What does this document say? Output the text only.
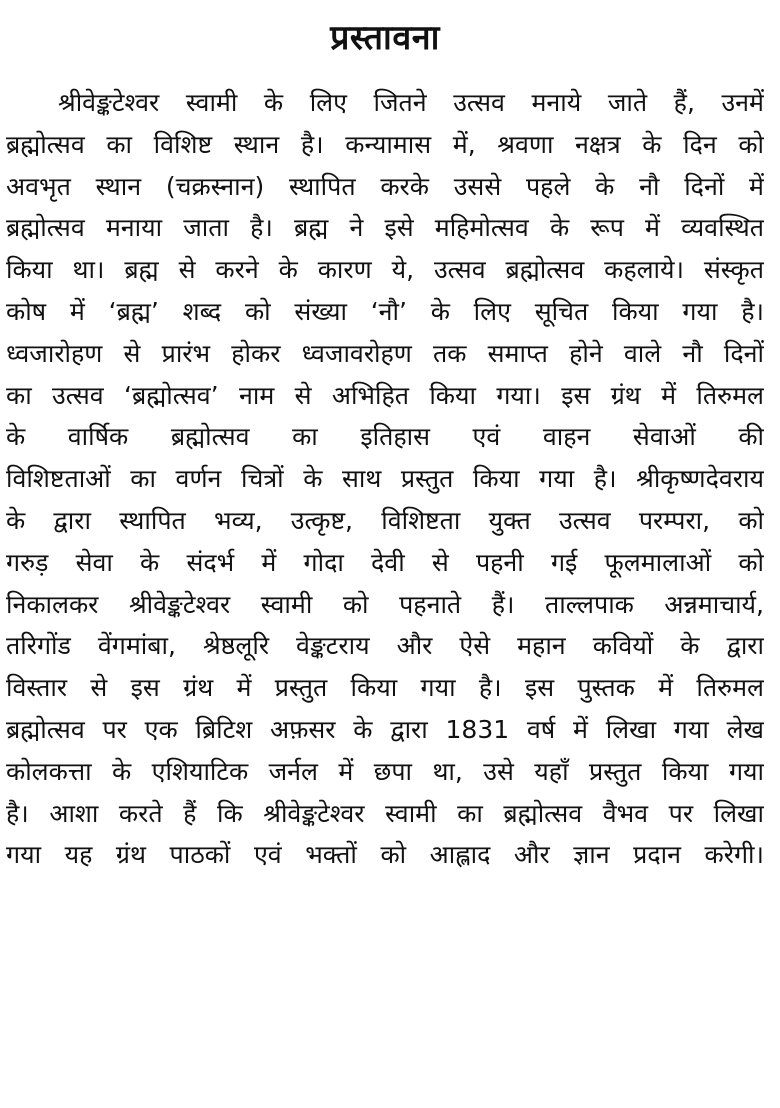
प्रस्तावना
श्रीवेङ्कटेश्वर स्वामी के लिए जितने उत्सव मनाये जाते हैं, उनमें
ब्रह्मोत्सव का विशिष्ट स्थान है। कन्यामास में, श्रवणा नक्षत्र के दिन को
अवभृत स्थान (चक्रस्नान) स्थापित करके उससे पहले के नौ दिनों में
ब्रह्मोत्सव मनाया जाता है। ब्रह्म ने इसे महिमोत्सव के रूप में व्यवस्थित
किया था। ब्रह्म से करने के कारण ये, उत्सव ब्रह्मोत्सव कहलाये। संस्कृत
कोष में ‘ब्रह्म’ शब्द को संख्या ‘नौ’ के लिए सूचित किया गया है।
ध्वजारोहण से प्रारंभ होकर ध्वजावरोहण तक समाप्त होने वाले नौ दिनों
का उत्सव ‘ब्रह्मोत्सव’ नाम से अभिहित किया गया। इस ग्रंथ में तिरुमल
के वार्षिक ब्रह्मोत्सव का इतिहास एवं वाहन सेवाओं की
विशिष्टताओं का वर्णन चित्रों के साथ प्रस्तुत किया गया है। श्रीकृष्णदेवराय
के द्वारा स्थापित भव्य, उत्कृष्ट, विशिष्टता युक्त उत्सव परम्परा, को
गरुड़ सेवा के संदर्भ में गोदा देवी से पहनी गई फूलमालाओं को
निकालकर श्रीवेङ्कटेश्वर स्वामी को पहनाते हैं। ताल्लपाक अन्नमाचार्य,
तरिगोंड वेंगमांबा, श्रेष्ठलूरि वेङ्कटराय और ऐसे महान कवियों के द्वारा
विस्तार से इस ग्रंथ में प्रस्तुत किया गया है। इस पुस्तक में तिरुमल
ब्रह्मोत्सव पर एक ब्रिटिश अफ़सर के द्वारा 1831 वर्ष में लिखा गया लेख
कोलकत्ता के एशियाटिक जर्नल में छपा था, उसे यहाँ प्रस्तुत किया गया
है। आशा करते हैं कि श्रीवेङ्कटेश्वर स्वामी का ब्रह्मोत्सव वैभव पर लिखा
गया यह ग्रंथ पाठकों एवं भक्तों को आह्लाद और ज्ञान प्रदान करेगी।
